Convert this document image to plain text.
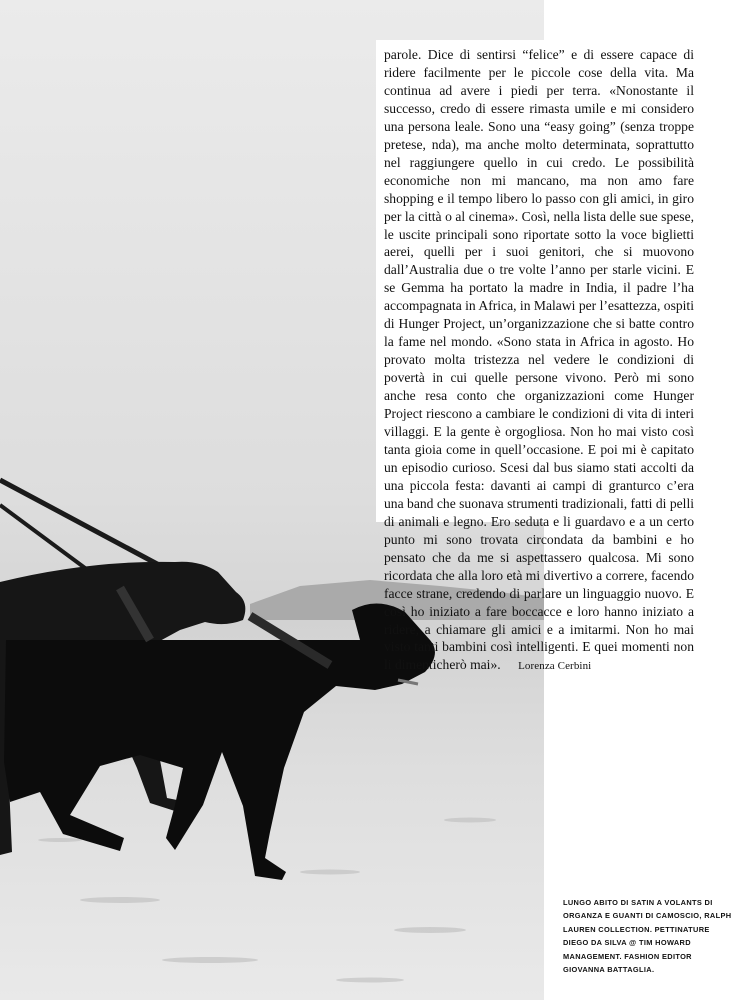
parole. Dice di sentirsi “felice” e di essere capace di ridere facilmente per le piccole cose della vita. Ma continua ad avere i piedi per terra. «Nonostante il successo, credo di essere rimasta umile e mi considero una persona leale. Sono una “easy going” (senza troppe pretese, nda), ma anche molto determinata, soprattutto nel raggiungere quello in cui credo. Le possibilità economiche non mi mancano, ma non amo fare shopping e il tempo libero lo passo con gli amici, in giro per la città o al cinema». Così, nella lista delle sue spese, le uscite principali sono riportate sotto la voce biglietti aerei, quelli per i suoi genitori, che si muovono dall’Australia due o tre volte l’anno per starle vicini. E se Gemma ha portato la madre in India, il padre l’ha accompagnata in Africa, in Malawi per l’esattezza, ospiti di Hunger Project, un’organizzazione che si batte contro la fame nel mondo. «Sono stata in Africa in agosto. Ho provato molta tristezza nel vedere le condizioni di povertà in cui quelle persone vivono. Però mi sono anche resa conto che organizzazioni come Hunger Project riescono a cambiare le condizioni di vita di interi villaggi. E la gente è orgogliosa. Non ho mai visto così tanta gioia come in quell’occasione. E poi mi è capitato un episodio curioso. Scesi dal bus siamo stati accolti da una piccola festa: davanti ai campi di granturco c’era una band che suonava strumenti tradizionali, fatti di pelli di animali e legno. Ero seduta e li guardavo e a un certo punto mi sono trovata circondata da bambini e ho pensato che da me si aspettassero qualcosa. Mi sono ricordata che alla loro età mi divertivo a correre, facendo facce strane, credendo di parlare un linguaggio nuovo. E così ho iniziato a fare boccacce e loro hanno iniziato a ridere, a chiamare gli amici e a imitarmi. Non ho mai visto tanti bambini così intelligenti. E quei momenti non li dimenticherò mai». Lorenza Cerbini

LUNGO ABITO DI SATIN A VOLANTS DI ORGANZA E GUANTI DI CAMOSCIO, RALPH LAUREN COLLECTION. PETTINATURE DIEGO DA SILVA @ TIM HOWARD MANAGEMENT. FASHION EDITOR GIOVANNA BATTAGLIA.
